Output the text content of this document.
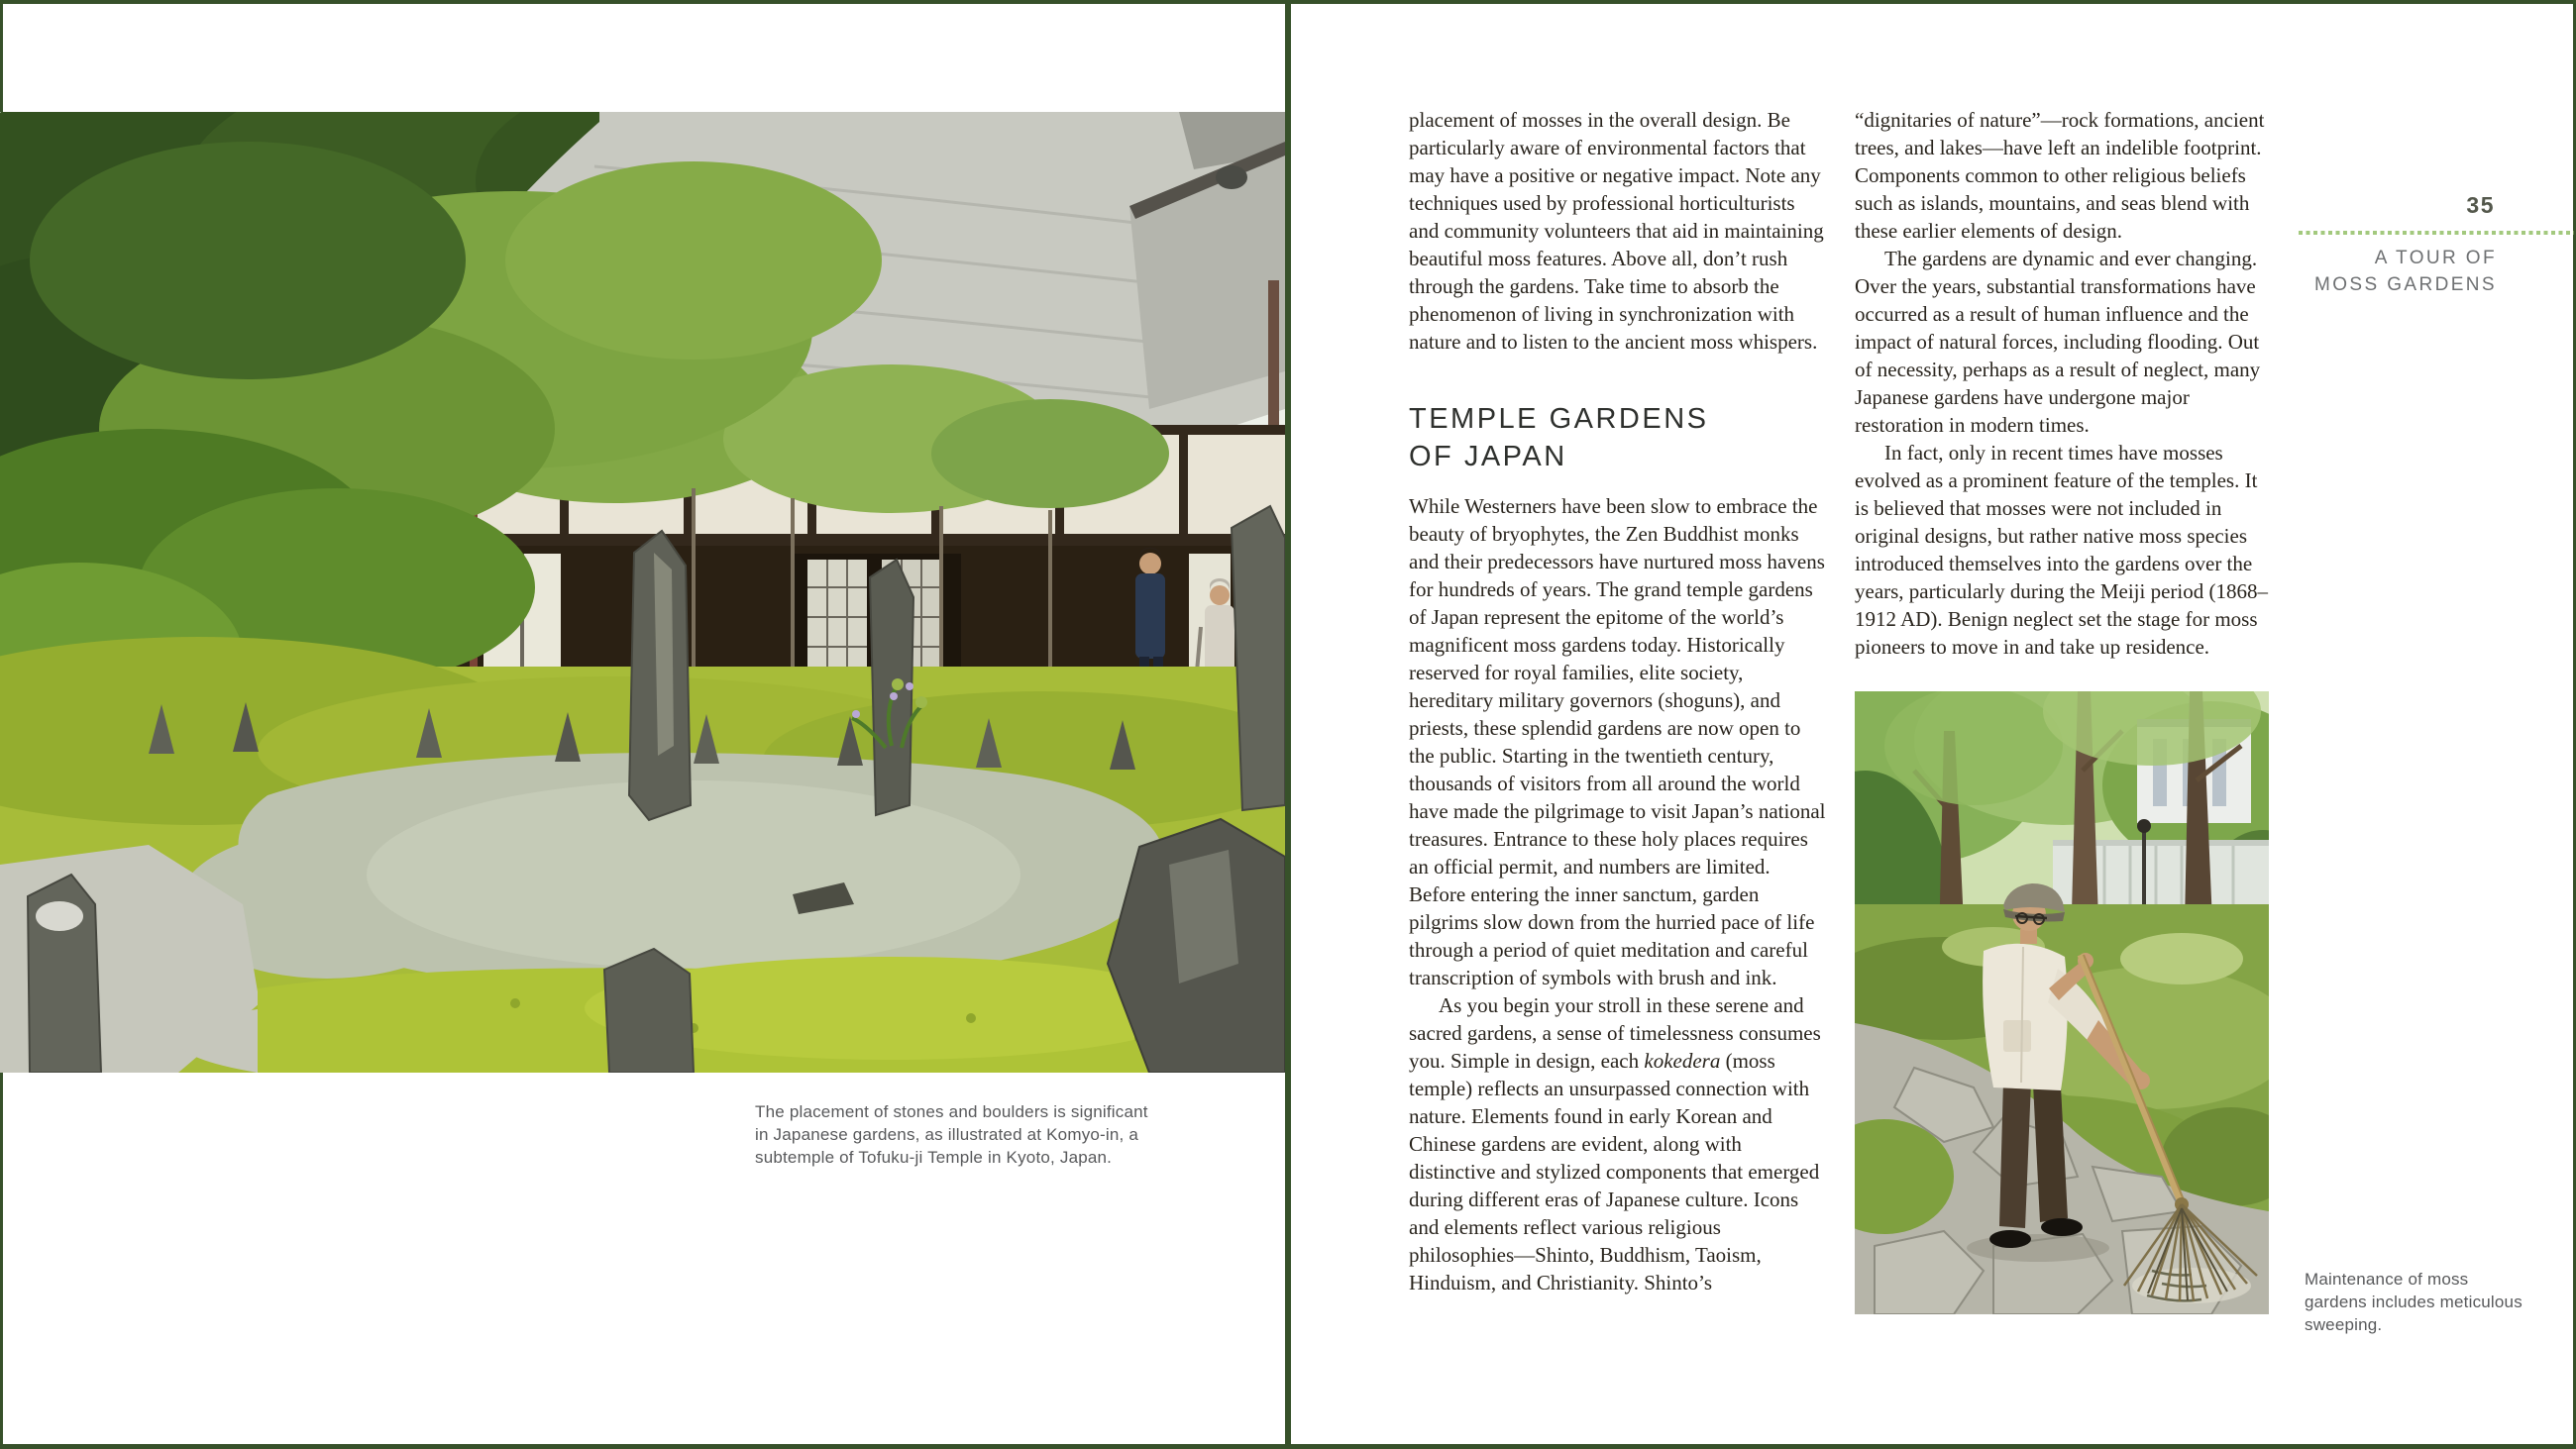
The placement of stones and boulders is significant in Japanese gardens, as illustrated at Komyo-in, a subtemple of Tofuku-ji Temple in Kyoto, Japan.

placement of mosses in the overall design. Be particularly aware of environmental factors that may have a positive or negative impact. Note any techniques used by professional horticulturists and community volunteers that aid in maintaining beautiful moss features. Above all, don’t rush through the gardens. Take time to absorb the phenomenon of living in synchronization with nature and to listen to the ancient moss whispers.

TEMPLE GARDENS
OF JAPAN

While Westerners have been slow to embrace the beauty of bryophytes, the Zen Buddhist monks and their predecessors have nurtured moss havens for hundreds of years. The grand temple gardens of Japan represent the epitome of the world’s magnificent moss gardens today. Historically reserved for royal families, elite society, hereditary military governors (shoguns), and priests, these splendid gardens are now open to the public. Starting in the twentieth century, thousands of visitors from all around the world have made the pilgrimage to visit Japan’s national treasures. Entrance to these holy places requires an official permit, and numbers are limited. Before entering the inner sanctum, garden pilgrims slow down from the hurried pace of life through a period of quiet meditation and careful transcription of symbols with brush and ink.

As you begin your stroll in these serene and sacred gardens, a sense of timelessness consumes you. Simple in design, each kokedera (moss temple) reflects an unsurpassed connection with nature. Elements found in early Korean and Chinese gardens are evident, along with distinctive and stylized components that emerged during different eras of Japanese culture. Icons and elements reflect various religious philosophies—Shinto, Buddhism, Taoism, Hinduism, and Christianity. Shinto’s

“dignitaries of nature”—rock formations, ancient trees, and lakes—have left an indelible footprint. Components common to other religious beliefs such as islands, mountains, and seas blend with these earlier elements of design.

The gardens are dynamic and ever changing. Over the years, substantial transformations have occurred as a result of human influence and the impact of natural forces, including flooding. Out of necessity, perhaps as a result of neglect, many Japanese gardens have undergone major restoration in modern times.

In fact, only in recent times have mosses evolved as a prominent feature of the temples. It is believed that mosses were not included in original designs, but rather native moss species introduced themselves into the gardens over the years, particularly during the Meiji period (1868–1912 AD). Benign neglect set the stage for moss pioneers to move in and take up residence.

35
A TOUR OF
MOSS GARDENS

Maintenance of moss gardens includes meticulous sweeping.
